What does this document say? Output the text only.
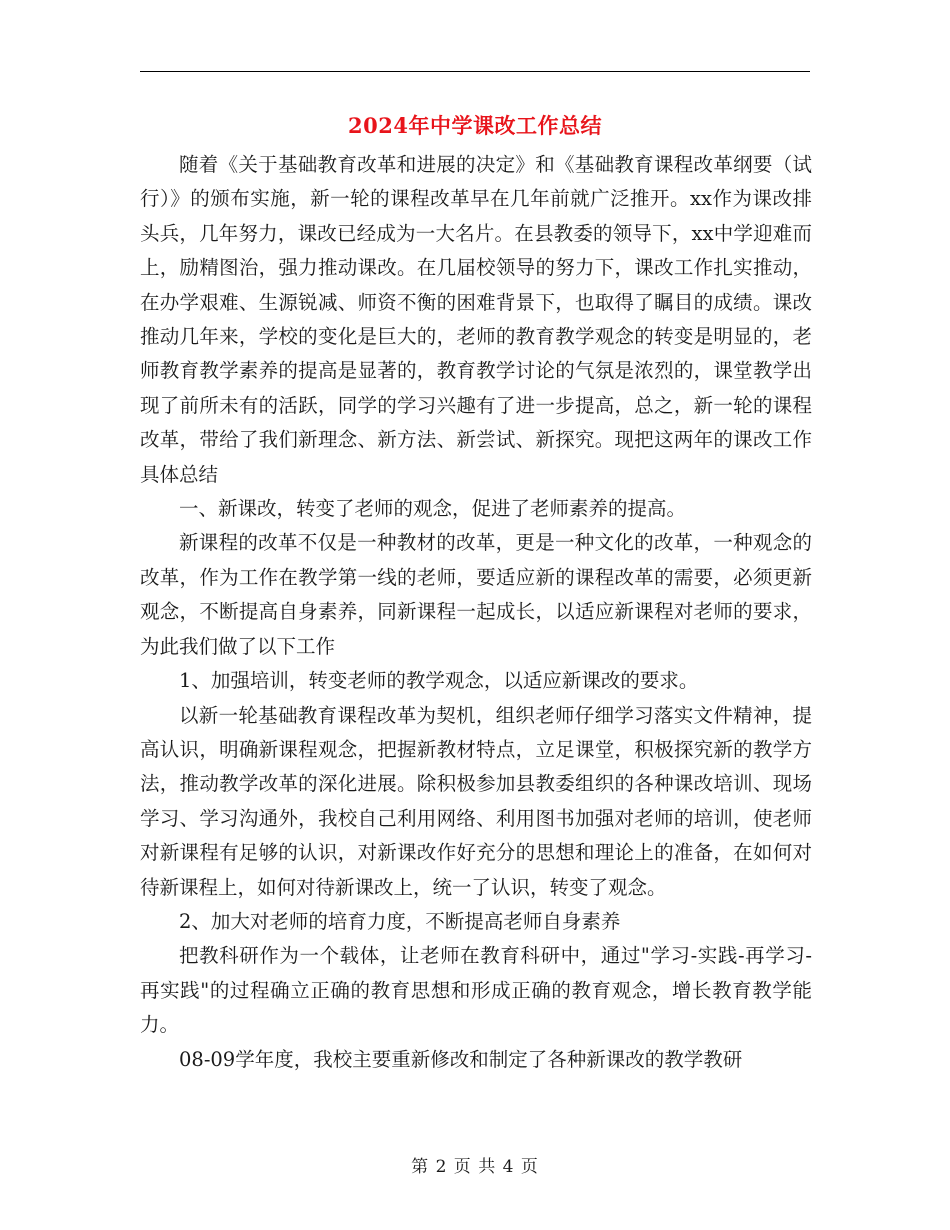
2024年中学课改工作总结

随着《关于基础教育改革和进展的决定》和《基础教育课程改革纲要（试行）》的颁布实施，新一轮的课程改革早在几年前就广泛推开。xx作为课改排头兵，几年努力，课改已经成为一大名片。在县教委的领导下，xx中学迎难而上，励精图治，强力推动课改。在几届校领导的努力下，课改工作扎实推动，在办学艰难、生源锐减、师资不衡的困难背景下，也取得了瞩目的成绩。课改推动几年来，学校的变化是巨大的，老师的教育教学观念的转变是明显的，老师教育教学素养的提高是显著的，教育教学讨论的气氛是浓烈的，课堂教学出现了前所未有的活跃，同学的学习兴趣有了进一步提高，总之，新一轮的课程改革，带给了我们新理念、新方法、新尝试、新探究。现把这两年的课改工作具体总结

一、新课改，转变了老师的观念，促进了老师素养的提高。

新课程的改革不仅是一种教材的改革，更是一种文化的改革，一种观念的改革，作为工作在教学第一线的老师，要适应新的课程改革的需要，必须更新观念，不断提高自身素养，同新课程一起成长，以适应新课程对老师的要求，为此我们做了以下工作

1、加强培训，转变老师的教学观念，以适应新课改的要求。

以新一轮基础教育课程改革为契机，组织老师仔细学习落实文件精神，提高认识，明确新课程观念，把握新教材特点，立足课堂，积极探究新的教学方法，推动教学改革的深化进展。除积极参加县教委组织的各种课改培训、现场学习、学习沟通外，我校自己利用网络、利用图书加强对老师的培训，使老师对新课程有足够的认识，对新课改作好充分的思想和理论上的准备，在如何对待新课程上，如何对待新课改上，统一了认识，转变了观念。

2、加大对老师的培育力度，不断提高老师自身素养

把教科研作为一个载体，让老师在教育科研中，通过"学习-实践-再学习-再实践"的过程确立正确的教育思想和形成正确的教育观念，增长教育教学能力。

08-09学年度，我校主要重新修改和制定了各种新课改的教学教研

第 2 页 共 4 页
